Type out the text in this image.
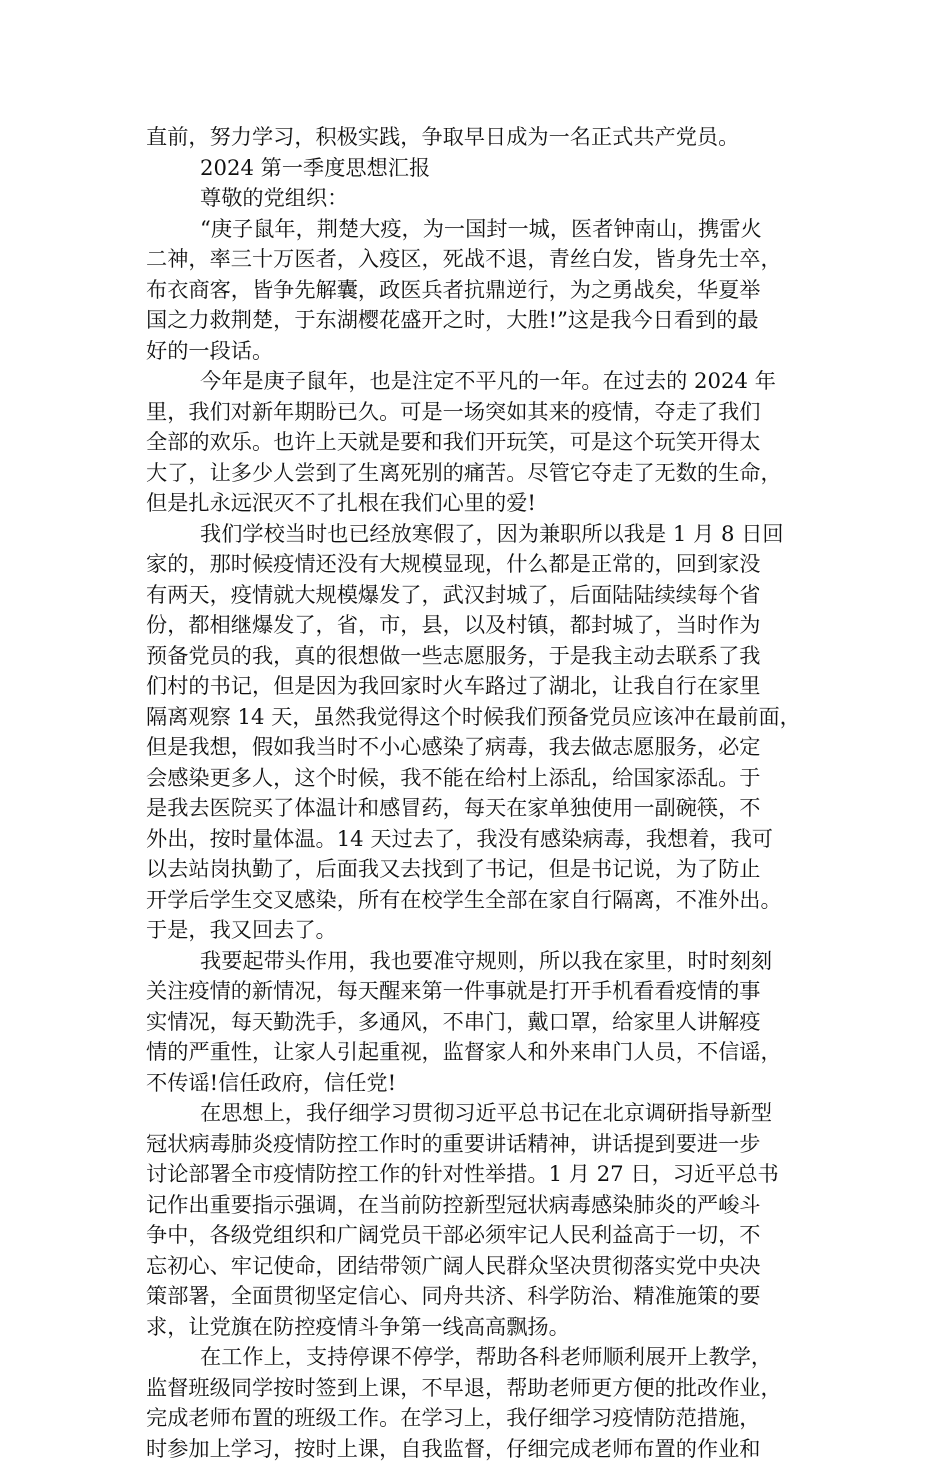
直前，努力学习，积极实践，争取早日成为一名正式共产党员。
2024 第一季度思想汇报
尊敬的党组织：
“庚子鼠年，荆楚大疫，为一国封一城，医者钟南山，携雷火
二神，率三十万医者，入疫区，死战不退，青丝白发，皆身先士卒，
布衣商客，皆争先解囊，政医兵者抗鼎逆行，为之勇战矣，华夏举
国之力救荆楚，于东湖樱花盛开之时，大胜!”这是我今日看到的最
好的一段话。
今年是庚子鼠年，也是注定不平凡的一年。在过去的 2024 年
里，我们对新年期盼已久。可是一场突如其来的疫情，夺走了我们
全部的欢乐。也许上天就是要和我们开玩笑，可是这个玩笑开得太
大了，让多少人尝到了生离死别的痛苦。尽管它夺走了无数的生命，
但是扎永远泯灭不了扎根在我们心里的爱!
我们学校当时也已经放寒假了，因为兼职所以我是 1 月 8 日回
家的，那时候疫情还没有大规模显现，什么都是正常的，回到家没
有两天，疫情就大规模爆发了，武汉封城了，后面陆陆续续每个省
份，都相继爆发了，省，市，县，以及村镇，都封城了，当时作为
预备党员的我，真的很想做一些志愿服务，于是我主动去联系了我
们村的书记，但是因为我回家时火车路过了湖北，让我自行在家里
隔离观察 14 天，虽然我觉得这个时候我们预备党员应该冲在最前面，
但是我想，假如我当时不小心感染了病毒，我去做志愿服务，必定
会感染更多人，这个时候，我不能在给村上添乱，给国家添乱。于
是我去医院买了体温计和感冒药，每天在家单独使用一副碗筷，不
外出，按时量体温。14 天过去了，我没有感染病毒，我想着，我可
以去站岗执勤了，后面我又去找到了书记，但是书记说，为了防止
开学后学生交叉感染，所有在校学生全部在家自行隔离，不准外出。
于是，我又回去了。
我要起带头作用，我也要准守规则，所以我在家里，时时刻刻
关注疫情的新情况，每天醒来第一件事就是打开手机看看疫情的事
实情况，每天勤洗手，多通风，不串门，戴口罩，给家里人讲解疫
情的严重性，让家人引起重视，监督家人和外来串门人员，不信谣，
不传谣!信任政府，信任党!
在思想上，我仔细学习贯彻习近平总书记在北京调研指导新型
冠状病毒肺炎疫情防控工作时的重要讲话精神，讲话提到要进一步
讨论部署全市疫情防控工作的针对性举措。1 月 27 日，习近平总书
记作出重要指示强调，在当前防控新型冠状病毒感染肺炎的严峻斗
争中，各级党组织和广阔党员干部必须牢记人民利益高于一切，不
忘初心、牢记使命，团结带领广阔人民群众坚决贯彻落实党中央决
策部署，全面贯彻坚定信心、同舟共济、科学防治、精准施策的要
求，让党旗在防控疫情斗争第一线高高飘扬。
在工作上，支持停课不停学，帮助各科老师顺利展开上教学，
监督班级同学按时签到上课，不早退，帮助老师更方便的批改作业，
完成老师布置的班级工作。在学习上，我仔细学习疫情防范措施，
时参加上学习，按时上课，自我监督，仔细完成老师布置的作业和
